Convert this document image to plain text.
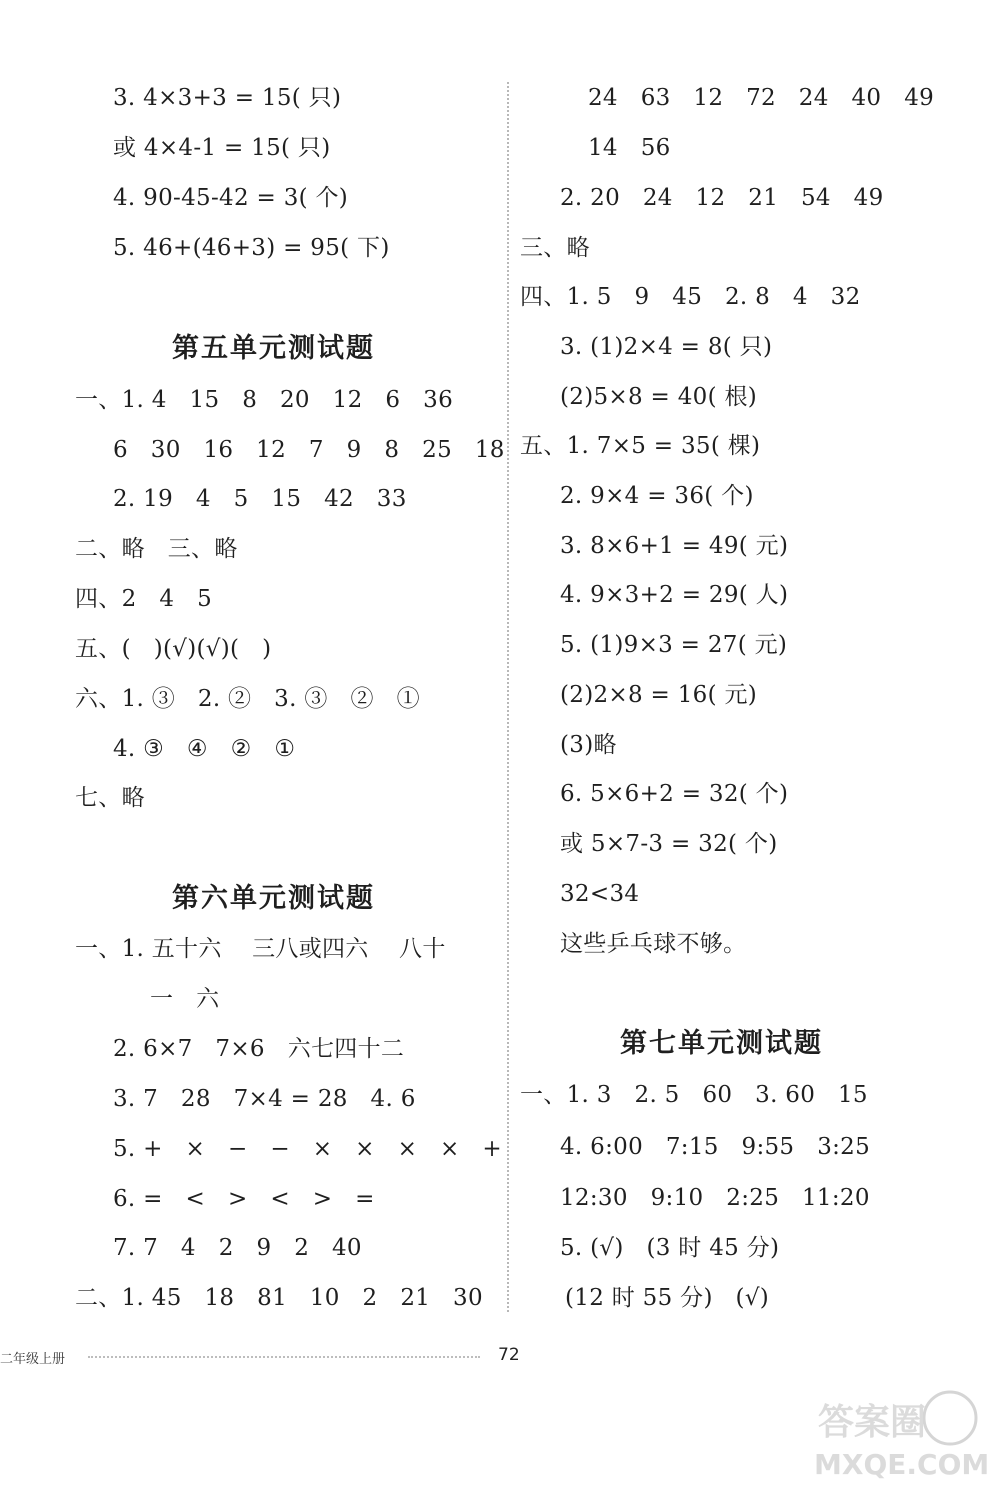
3. 4×3+3 = 15( 只)
或 4×4-1 = 15( 只)
4. 90-45-42 = 3( 个)
5. 46+(46+3) = 95( 下)
第五单元测试题
一、1. 4   15   8   20   12   6   36
6   30   16   12   7   9   8   25   18
2. 19   4   5   15   42   33
二、略   三、略
四、2   4   5
五、(   )(√)(√)(   )
六、1. ③   2. ②   3. ③   ②   ①
4. ③   ④   ②   ①
七、略
第六单元测试题
一、1. 五十六    三八或四六    八十
一   六
2. 6×7   7×6   六七四十二
3. 7   28   7×4 = 28   4. 6
5. +   ×   −   −   ×   ×   ×   ×   +
6. =   <   >   <   >   =
7. 7   4   2   9   2   40
二、1. 45   18   81   10   2   21   30
24   63   12   72   24   40   49
14   56
2. 20   24   12   21   54   49
三、略
四、1. 5   9   45   2. 8   4   32
3. (1)2×4 = 8( 只)
(2)5×8 = 40( 根)
五、1. 7×5 = 35( 棵)
2. 9×4 = 36( 个)
3. 8×6+1 = 49( 元)
4. 9×3+2 = 29( 人)
5. (1)9×3 = 27( 元)
(2)2×8 = 16( 元)
(3)略
6. 5×6+2 = 32( 个)
或 5×7-3 = 32( 个)
32<34
这些乒乓球不够。
第七单元测试题
一、1. 3   2. 5   60   3. 60   15
4. 6:00   7:15   9:55   3:25
12:30   9:10   2:25   11:20
5. (√)   (3 时 45 分)
(12 时 55 分)   (√)
二年级上册	72
答案圈
MXQE.COM
